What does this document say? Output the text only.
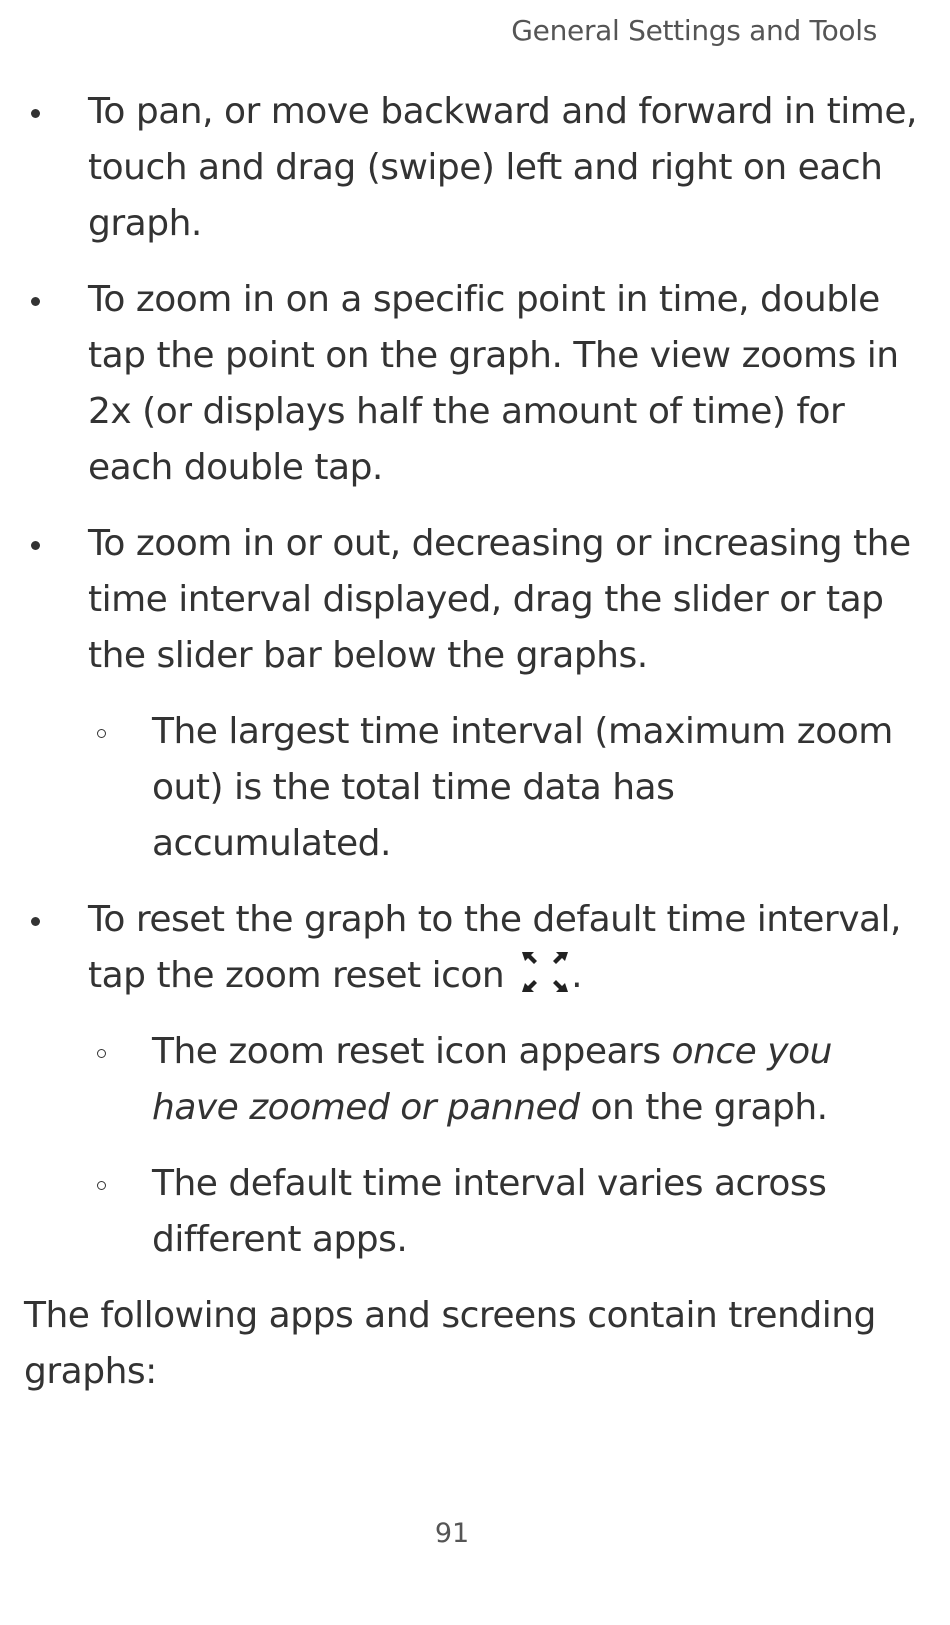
General Settings and Tools
To pan, or move backward and forward in time, touch and drag (swipe) left and right on each graph.
To zoom in on a specific point in time, double tap the point on the graph. The view zooms in 2x (or displays half the amount of time) for each double tap.
To zoom in or out, decreasing or increasing the time interval displayed, drag the slider or tap the slider bar below the graphs.
The largest time interval (maximum zoom out) is the total time data has accumulated.
To reset the graph to the default time interval, tap the zoom reset icon .
The zoom reset icon appears once you have zoomed or panned on the graph.
The default time interval varies across different apps.

The following apps and screens contain trending graphs:

91
